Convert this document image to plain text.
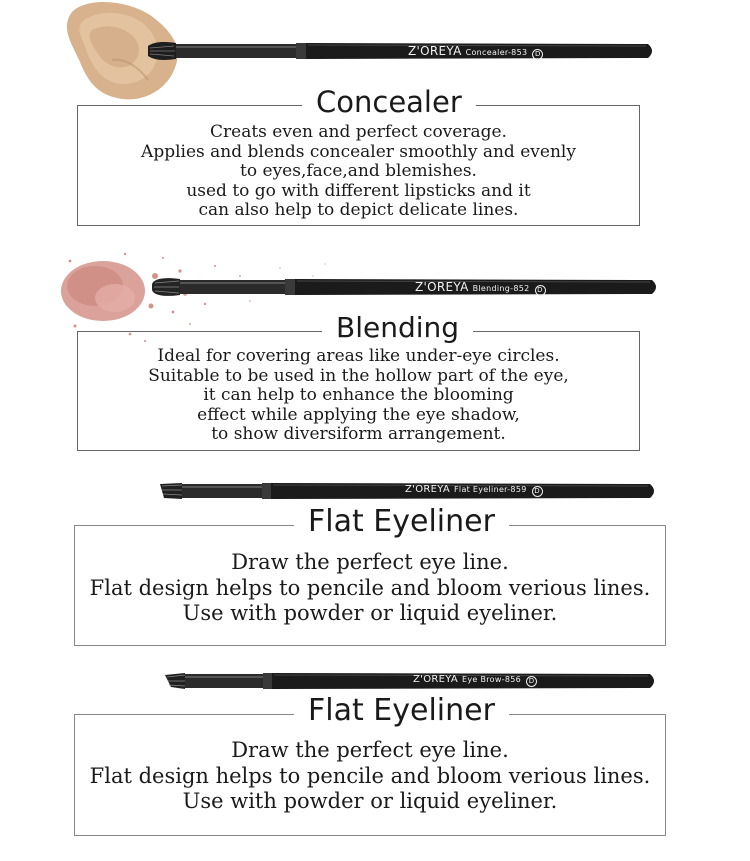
Z'OREYA Concealer-853 D
Concealer

Creats even and perfect coverage.

Applies and blends concealer smoothly and evenly

to eyes,face,and blemishes.

used to go with different lipsticks and it

can also help to depict delicate lines.

Z'OREYA Blending-852 D
Blending

Ideal for covering areas like under-eye circles.

Suitable to be used in the hollow part of the eye,

it can help to enhance the blooming

effect while applying the eye shadow,

to show diversiform arrangement.

Z'OREYA Flat Eyeliner-859 D
Flat Eyeliner

Draw the perfect eye line.

Flat design helps to pencile and bloom verious lines.

Use with powder or liquid eyeliner.

Z'OREYA Eye Brow-856 D
Flat Eyeliner

Draw the perfect eye line.

Flat design helps to pencile and bloom verious lines.

Use with powder or liquid eyeliner.
